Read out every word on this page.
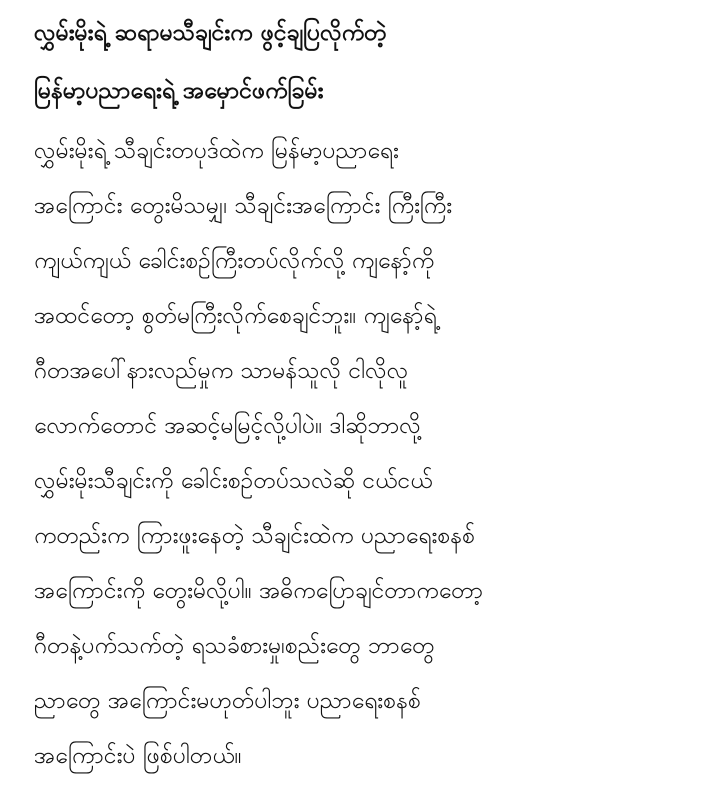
လွှမ်းမိုးရဲ့ ဆရာမသီချင်းက ဖွင့်ချပြလိုက်တဲ့
မြန်မာ့ပညာရေးရဲ့ အမှောင်ဖက်ခြမ်း
လွှမ်းမိုးရဲ့ သီချင်းတပုဒ်ထဲက မြန်မာ့ပညာရေး
အကြောင်း တွေးမိသမျှ၊ သီချင်းအကြောင်း ကြီးကြီး
ကျယ်ကျယ် ခေါင်းစဉ်ကြီးတပ်လိုက်လို့ ကျနော့်ကို
အထင်တော့ စွတ်မကြီးလိုက်စေချင်ဘူး။ ကျနော့်ရဲ့
ဂီတအပေါ်နားလည်မှုက သာမန်သူလို ငါလိုလူ
လောက်တောင် အဆင့်မမြင့်လို့ပါပဲ။ ဒါဆိုဘာလို့
လွှမ်းမိုးသီချင်းကို ခေါင်းစဉ်တပ်သလဲဆို ငယ်ငယ်
ကတည်းက ကြားဖူးနေတဲ့ သီချင်းထဲက ပညာရေးစနစ်
အကြောင်းကို တွေးမိလို့ပါ။ အဓိကပြောချင်တာကတော့
ဂီတနဲ့ပက်သက်တဲ့ ရသခံစားမှု၊စည်းတွေ ဘာတွေ
ညာတွေ အကြောင်းမဟုတ်ပါဘူး ပညာရေးစနစ်
အကြောင်းပဲ ဖြစ်ပါတယ်။
